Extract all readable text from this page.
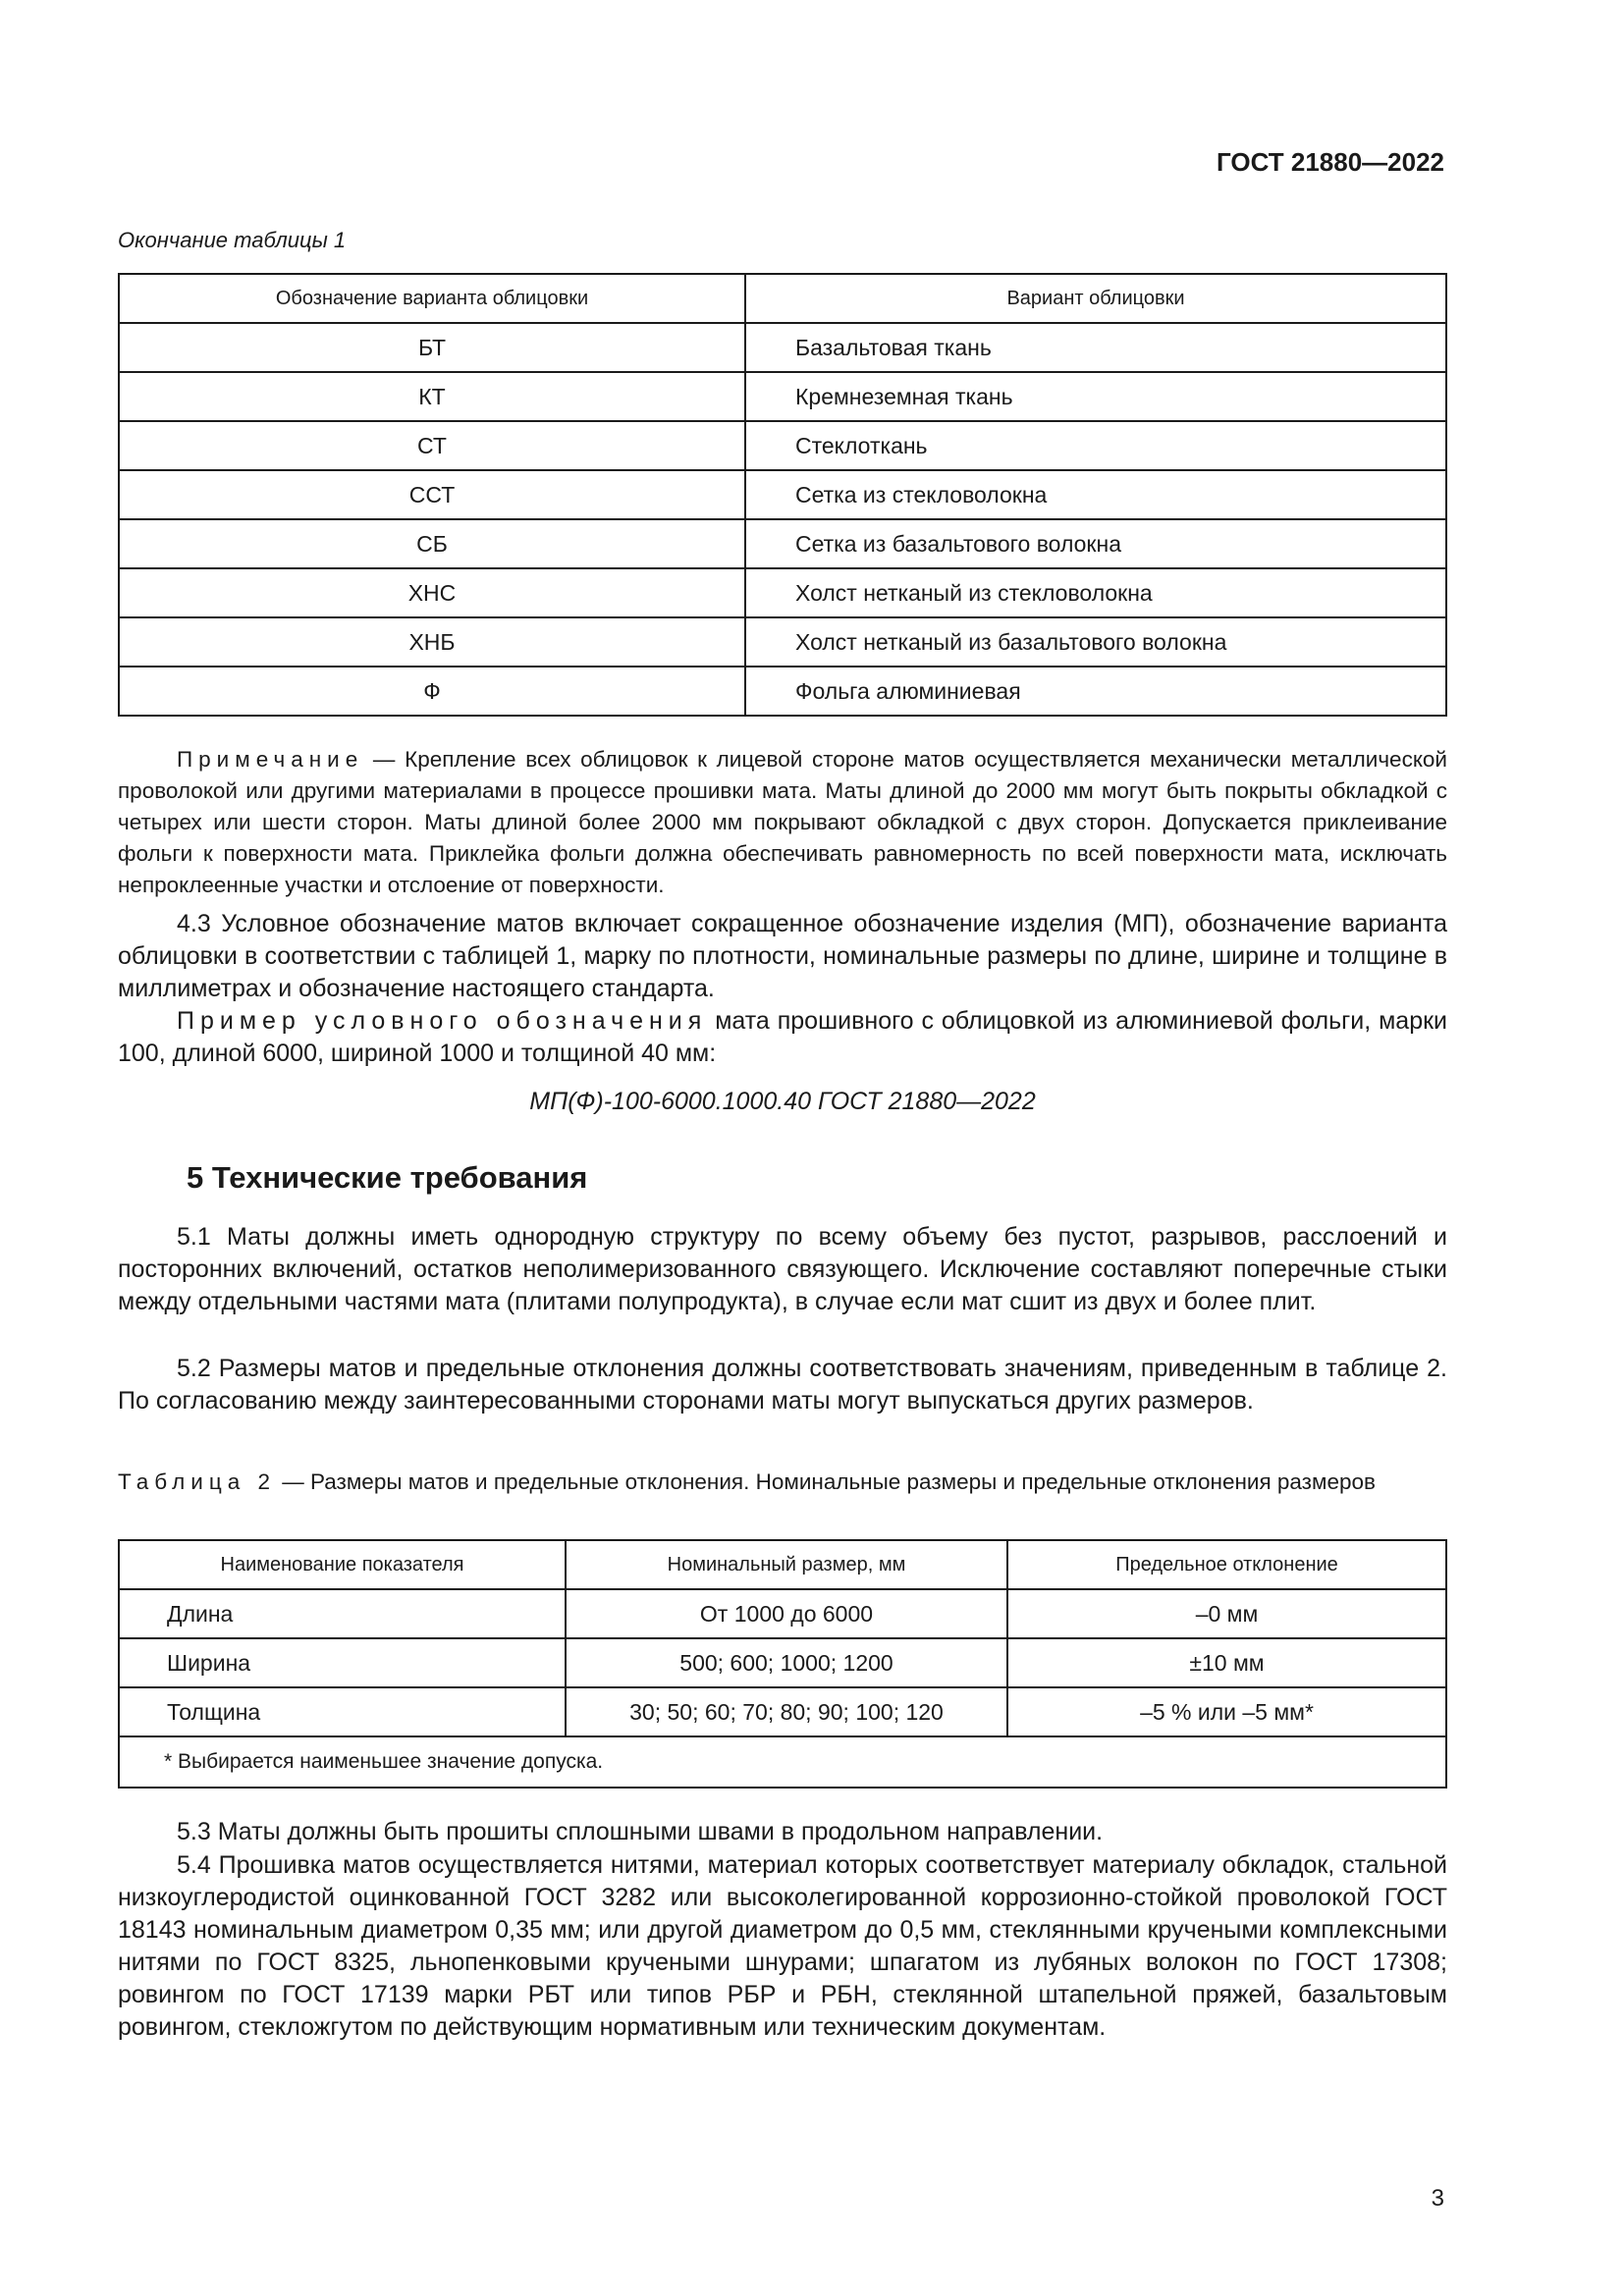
ГОСТ 21880—2022
Окончание таблицы 1
Обозначение варианта облицовки	Вариант облицовки
БТ	Базальтовая ткань
КТ	Кремнеземная ткань
СТ	Стеклоткань
ССТ	Сетка из стекловолокна
СБ	Сетка из базальтового волокна
ХНС	Холст нетканый из стекловолокна
ХНБ	Холст нетканый из базальтового волокна
Ф	Фольга алюминиевая
Примечание — Крепление всех облицовок к лицевой стороне матов осуществляется механически металлической проволокой или другими материалами в процессе прошивки мата. Маты длиной до 2000 мм могут быть покрыты обкладкой с четырех или шести сторон. Маты длиной более 2000 мм покрывают обкладкой с двух сторон. Допускается приклеивание фольги к поверхности мата. Приклейка фольги должна обеспечивать равномерность по всей поверхности мата, исключать непроклеенные участки и отслоение от поверхности.
4.3 Условное обозначение матов включает сокращенное обозначение изделия (МП), обозначение варианта облицовки в соответствии с таблицей 1, марку по плотности, номинальные размеры по длине, ширине и толщине в миллиметрах и обозначение настоящего стандарта.
Пример условного обозначения мата прошивного с облицовкой из алюминиевой фольги, марки 100, длиной 6000, шириной 1000 и толщиной 40 мм:
МП(Ф)-100-6000.1000.40 ГОСТ 21880—2022
5 Технические требования
5.1 Маты должны иметь однородную структуру по всему объему без пустот, разрывов, расслоений и посторонних включений, остатков неполимеризованного связующего. Исключение составляют поперечные стыки между отдельными частями мата (плитами полупродукта), в случае если мат сшит из двух и более плит.
5.2 Размеры матов и предельные отклонения должны соответствовать значениям, приведенным в таблице 2. По согласованию между заинтересованными сторонами маты могут выпускаться других размеров.
Таблица 2 — Размеры матов и предельные отклонения. Номинальные размеры и предельные отклонения размеров
Наименование показателя	Номинальный размер, мм	Предельное отклонение
Длина	От 1000 до 6000	–0 мм
Ширина	500; 600; 1000; 1200	±10 мм
Толщина	30; 50; 60; 70; 80; 90; 100; 120	–5 % или –5 мм*
* Выбирается наименьшее значение допуска.		
5.3 Маты должны быть прошиты сплошными швами в продольном направлении.
5.4 Прошивка матов осуществляется нитями, материал которых соответствует материалу обкладок, стальной низкоуглеродистой оцинкованной ГОСТ 3282 или высоколегированной коррозионно-стойкой проволокой ГОСТ 18143 номинальным диаметром 0,35 мм; или другой диаметром до 0,5 мм, стеклянными кручеными комплексными нитями по ГОСТ 8325, льнопенковыми кручеными шнурами; шпагатом из лубяных волокон по ГОСТ 17308; ровингом по ГОСТ 17139 марки РБТ или типов РБР и РБН, стеклянной штапельной пряжей, базальтовым ровингом, стекложгутом по действующим нормативным или техническим документам.
3
